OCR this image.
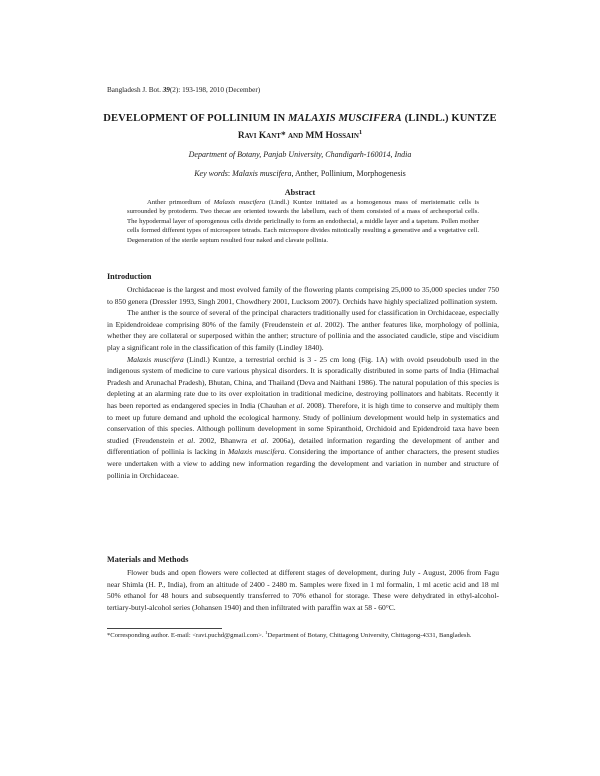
Bangladesh J. Bot. 39(2): 193-198, 2010 (December)
DEVELOPMENT OF POLLINIUM IN MALAXIS MUSCIFERA (LINDL.) KUNTZE
Ravi Kant* and MM Hossain$^1$
Department of Botany, Panjab University, Chandigarh-160014, India
Key words: Malaxis muscifera, Anther, Pollinium, Morphogenesis
Abstract

Anther primordium of Malaxis muscifera (Lindl.) Kuntze initiated as a homogenous mass of meristematic cells is surrounded by protoderm. Two thecae are oriented towards the labellum, each of them consisted of a mass of archesporial cells. The hypodermal layer of sporogenous cells divide periclinally to form an endothecial, a middle layer and a tapetum. Pollen mother cells formed different types of microspore tetrads. Each microspore divides mitotically resulting a generative and a vegetative cell. Degeneration of the sterile septum resulted four naked and clavate pollinia.

Introduction

Orchidaceae is the largest and most evolved family of the flowering plants comprising 25,000 to 35,000 species under 750 to 850 genera (Dressler 1993, Singh 2001, Chowdhery 2001, Lucksom 2007). Orchids have highly specialized pollination system.

The anther is the source of several of the principal characters traditionally used for classification in Orchidaceae, especially in Epidendroideae comprising 80% of the family (Freudenstein et al. 2002). The anther features like, morphology of pollinia, whether they are collateral or superposed within the anther; structure of pollinia and the associated caudicle, stipe and viscidium play a significant role in the classification of this family (Lindley 1840).

Malaxis muscifera (Lindl.) Kuntze, a terrestrial orchid is 3 - 25 cm long (Fig. 1A) with ovoid pseudobulb used in the indigenous system of medicine to cure various physical disorders. It is sporadically distributed in some parts of India (Himachal Pradesh and Arunachal Pradesh), Bhutan, China, and Thailand (Deva and Naithani 1986). The natural population of this species is depleting at an alarming rate due to its over exploitation in traditional medicine, destroying pollinators and habitats. Recently it has been reported as endangered species in India (Chauhan et al. 2008). Therefore, it is high time to conserve and multiply them to meet up future demand and uphold the ecological harmony. Study of pollinium development would help in systematics and conservation of this species. Although pollinum development in some Spiranthoid, Orchidoid and Epidendroid taxa have been studied (Freudenstein et al. 2002, Bhanwra et al. 2006a), detailed information regarding the development of anther and differentiation of pollinia is lacking in Malaxis muscifera. Considering the importance of anther characters, the present studies were undertaken with a view to adding new information regarding the development and variation in number and structure of pollinia in Orchidaceae.

Materials and Methods

Flower buds and open flowers were collected at different stages of development, during July - August, 2006 from Fagu near Shimla (H. P., India), from an altitude of 2400 - 2480 m. Samples were fixed in 1 ml formalin, 1 ml acetic acid and 18 ml 50% ethanol for 48 hours and subsequently transferred to 70% ethanol for storage. These were dehydrated in ethyl-alcohol-tertiary-butyl-alcohol series (Johansen 1940) and then infiltrated with paraffin wax at 58 - 60°C.

*Corresponding author. E-mail: <ravi.puchd@gmail.com>. $^1$Department of Botany, Chittagong University, Chittagong-4331, Bangladesh.
